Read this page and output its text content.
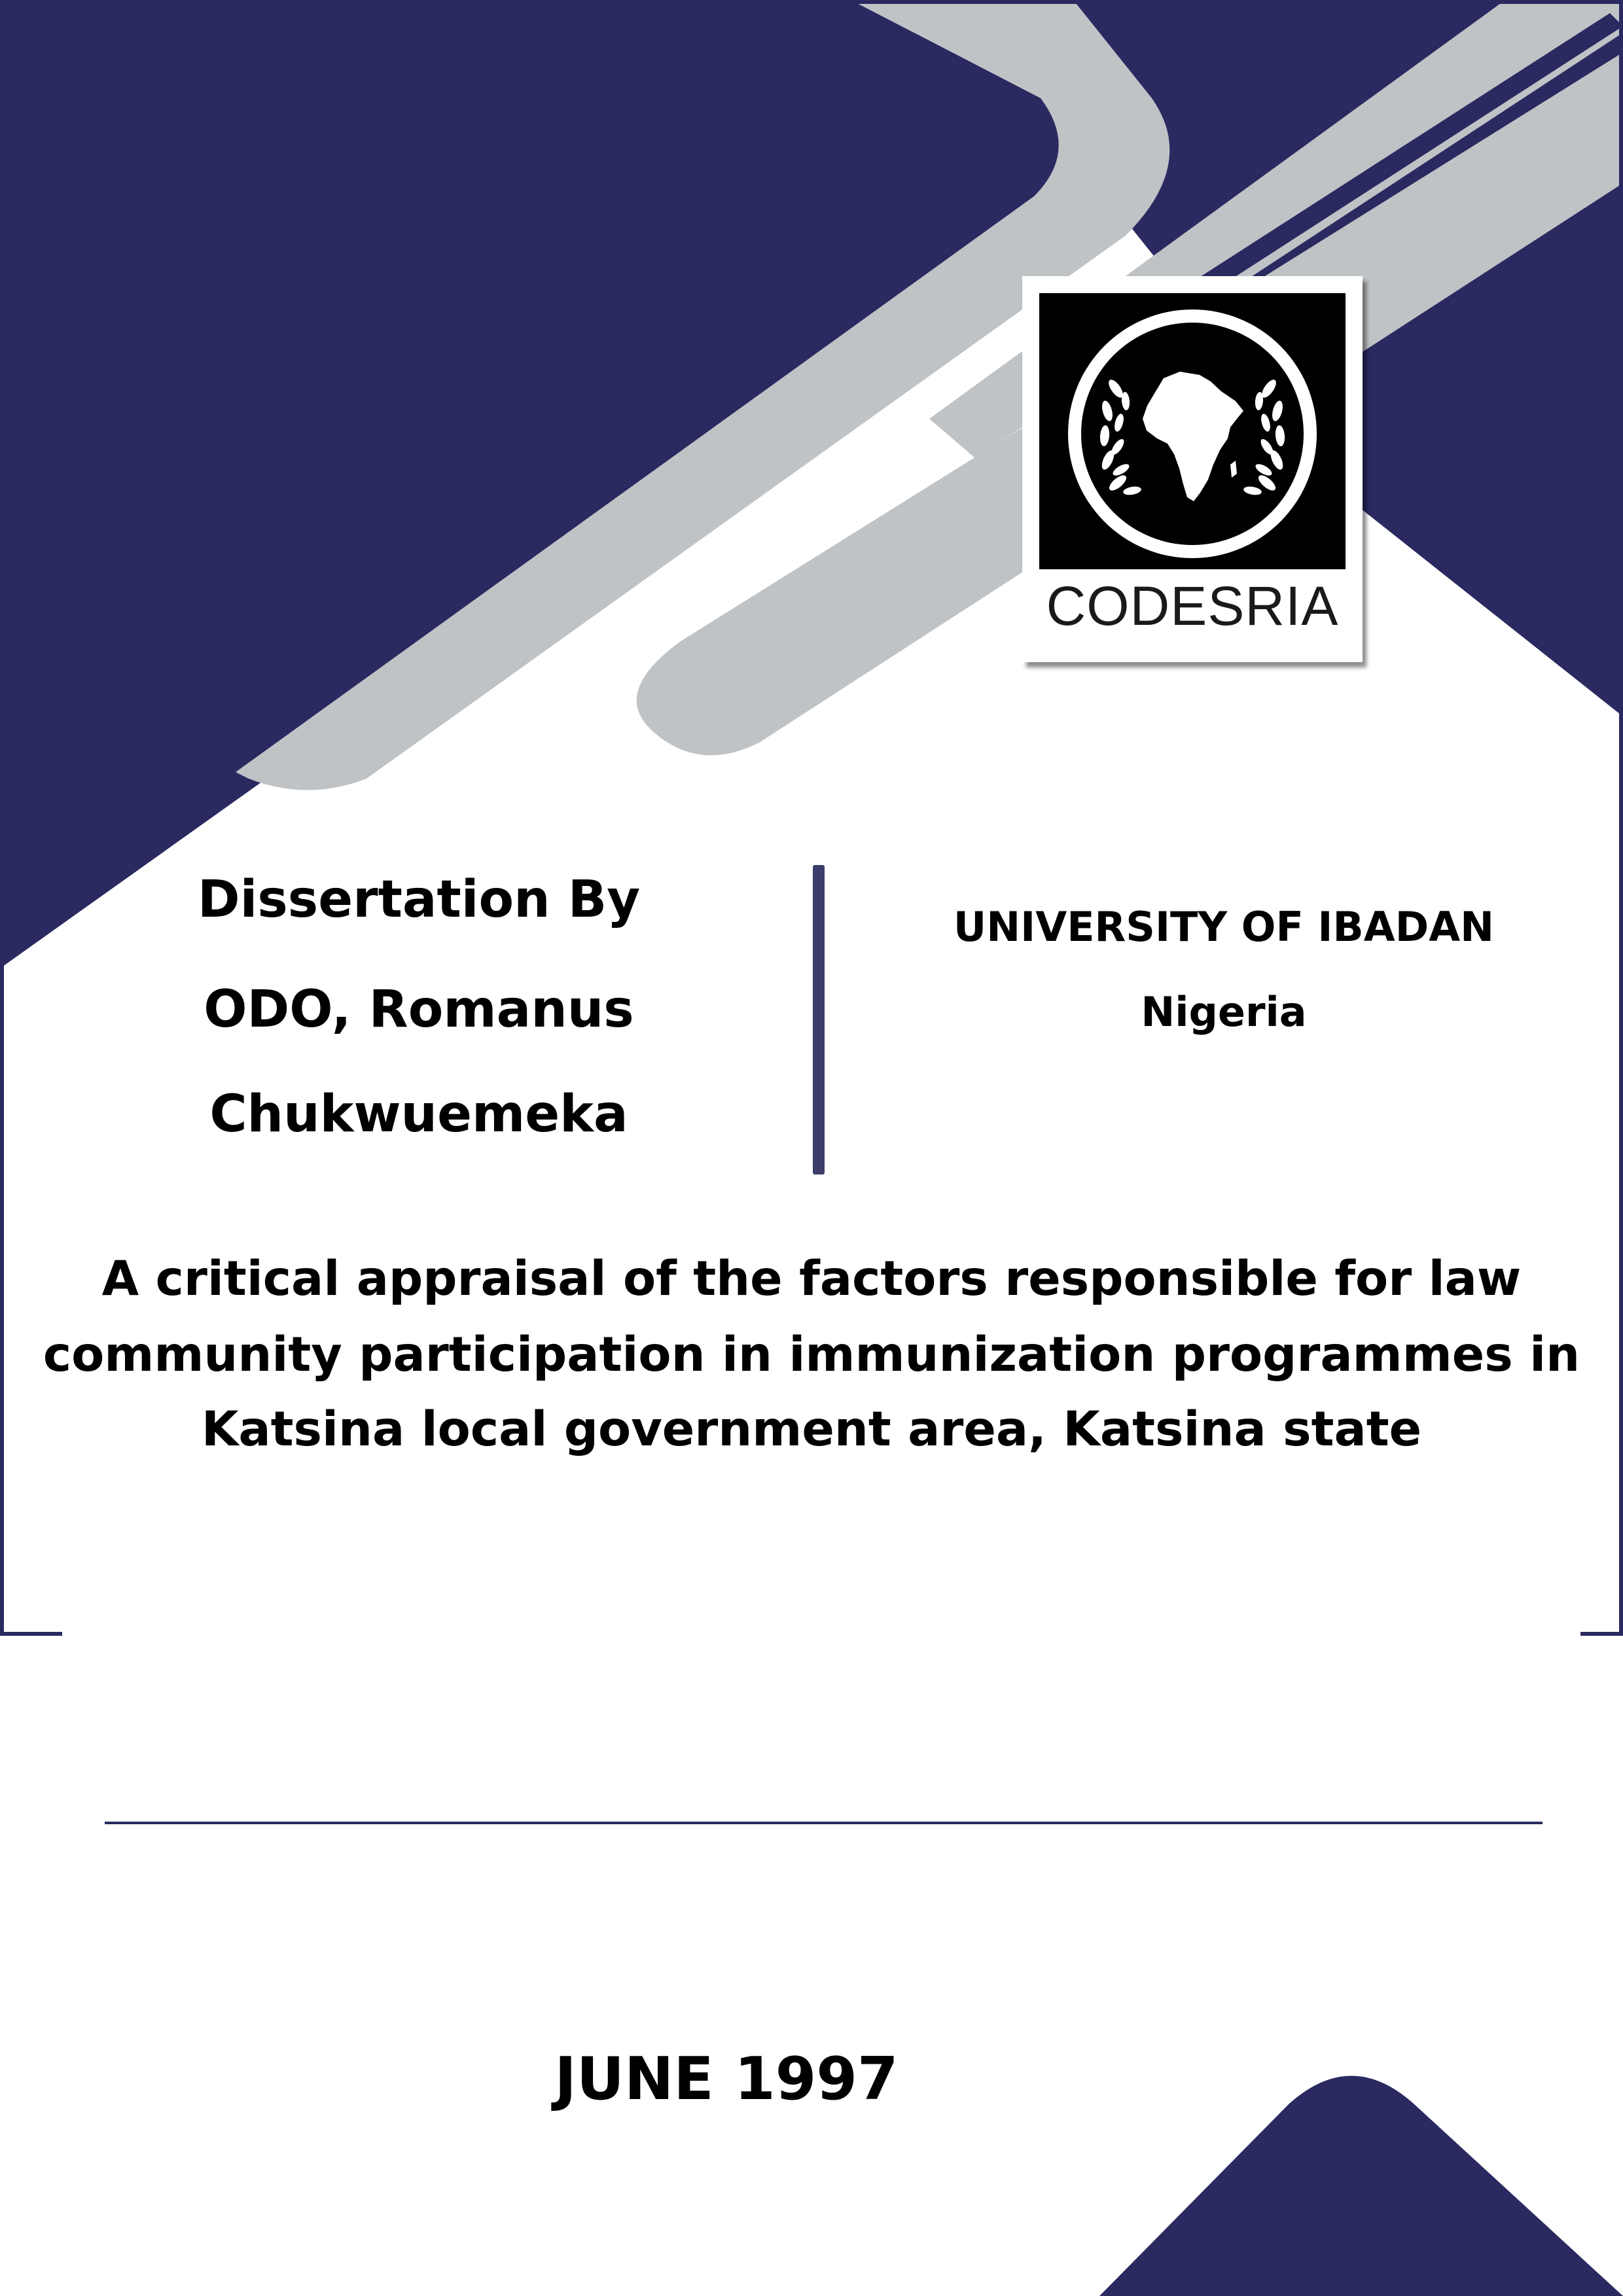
CODESRIA
Dissertation By
ODO, Romanus
Chukwuemeka
UNIVERSITY OF IBADAN
Nigeria
A critical appraisal of the factors responsible for law
community participation in immunization programmes in
Katsina local government area, Katsina state
JUNE 1997
